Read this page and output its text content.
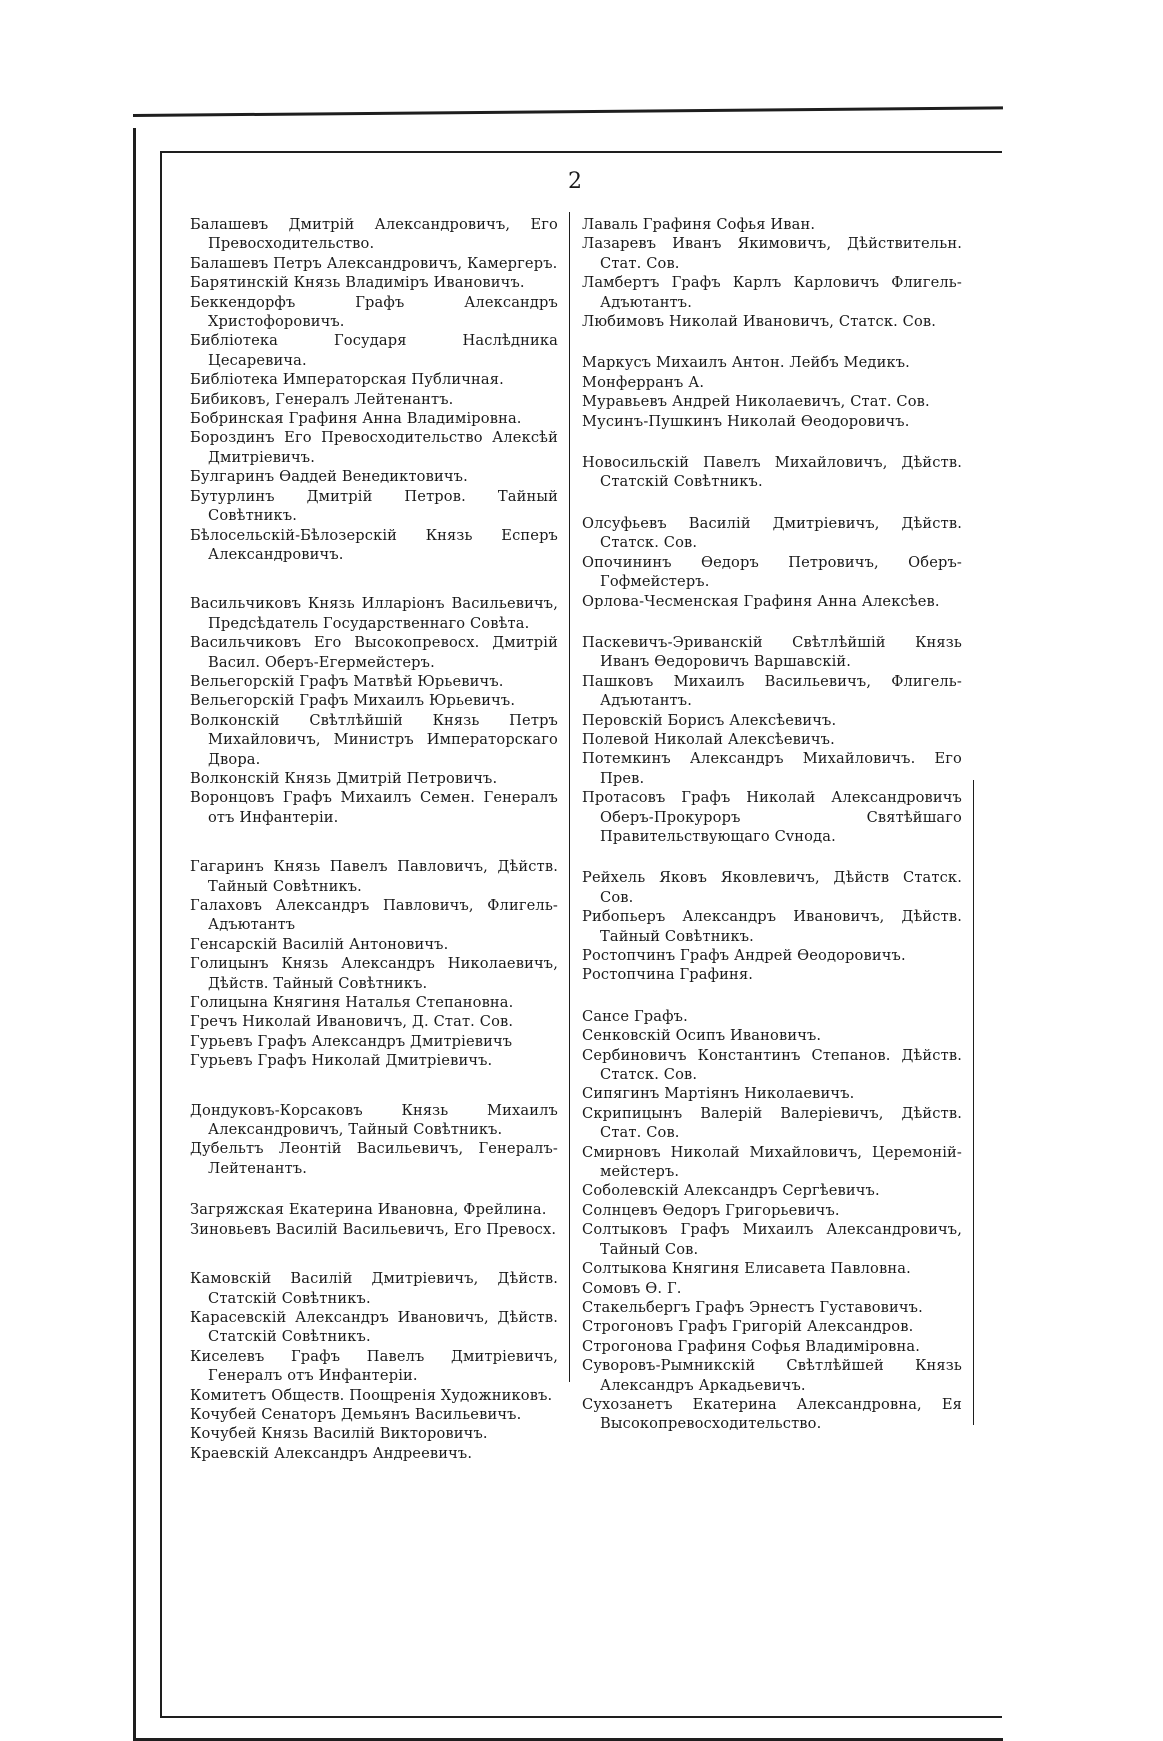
2
Балашевъ Дмитрій Александровичъ, Его Превосходительство.
Балашевъ Петръ Александровичъ, Камергеръ.
Барятинскій Князь Владиміръ Ивановичъ.
Беккендорфъ Графъ Александръ Христофоровичъ.
Библіотека Государя Наслѣдника Цесаревича.
Библіотека Императорская Публичная.
Бибиковъ, Генералъ Лейтенантъ.
Бобринская Графиня Анна Владиміровна.
Бороздинъ Его Превосходительство Алексѣй Дмитріевичъ.
Булгаринъ Өаддей Венедиктовичъ.
Бутурлинъ Дмитрій Петров. Тайный Совѣтникъ.
Бѣлосельскій-Бѣлозерскій Князь Есперъ Александровичъ.
Васильчиковъ Князь Илларіонъ Васильевичъ, Предсѣдатель Государственнаго Совѣта.
Васильчиковъ Его Высокопревосх. Дмитрій Васил. Оберъ-Егермейстеръ.
Вельегорскій Графъ Матвѣй Юрьевичъ.
Вельегорскій Графъ Михаилъ Юрьевичъ.
Волконскій Свѣтлѣйшій Князь Петръ Михайловичъ, Министръ Императорскаго Двора.
Волконскій Князь Дмитрій Петровичъ.
Воронцовъ Графъ Михаилъ Семен. Генералъ отъ Инфантеріи.
Гагаринъ Князь Павелъ Павловичъ, Дѣйств. Тайный Совѣтникъ.
Галаховъ Александръ Павловичъ, Флигель-Адъютантъ
Генсарскій Василій Антоновичъ.
Голицынъ Князь Александръ Николаевичъ, Дѣйств. Тайный Совѣтникъ.
Голицына Княгиня Наталья Степановна.
Гречъ Николай Ивановичъ, Д. Стат. Сов.
Гурьевъ Графъ Александръ Дмитріевичъ
Гурьевъ Графъ Николай Дмитріевичъ.
Дондуковъ-Корсаковъ Князь Михаилъ Александровичъ, Тайный Совѣтникъ.
Дубельтъ Леонтій Васильевичъ, Генералъ-Лейтенантъ.
Загряжская Екатерина Ивановна, Фрейлина.
Зиновьевъ Василій Васильевичъ, Его Превосх.
Камовскій Василій Дмитріевичъ, Дѣйств. Статскій Совѣтникъ.
Карасевскій Александръ Ивановичъ, Дѣйств. Статскій Совѣтникъ.
Киселевъ Графъ Павелъ Дмитріевичъ, Генералъ отъ Инфантеріи.
Комитетъ Обществ. Поощренія Художниковъ.
Кочубей Сенаторъ Демьянъ Васильевичъ.
Кочубей Князь Василій Викторовичъ.
Краевскій Александръ Андреевичъ.
Лаваль Графиня Софья Иван.
Лазаревъ Иванъ Якимовичъ, Дѣйствительн. Стат. Сов.
Ламбертъ Графъ Карлъ Карловичъ Флигель-Адъютантъ.
Любимовъ Николай Ивановичъ, Статск. Сов.
Маркусъ Михаилъ Антон. Лейбъ Медикъ.
Монферранъ А.
Муравьевъ Андрей Николаевичъ, Стат. Сов.
Мусинъ-Пушкинъ Николай Өеодоровичъ.
Новосильскій Павелъ Михайловичъ, Дѣйств. Статскій Совѣтникъ.
Олсуфьевъ Василій Дмитріевичъ, Дѣйств. Статск. Сов.
Опочининъ Өедоръ Петровичъ, Оберъ-Гофмейстеръ.
Орлова-Чесменская Графиня Анна Алексѣев.
Паскевичъ-Эриванскій Свѣтлѣйшій Князь Иванъ Өедоровичъ Варшавскій.
Пашковъ Михаилъ Васильевичъ, Флигель-Адъютантъ.
Перовскій Борисъ Алексѣевичъ.
Полевой Николай Алексѣевичъ.
Потемкинъ Александръ Михайловичъ. Его Прев.
Протасовъ Графъ Николай Александровичъ Оберъ-Прокуроръ Святѣйшаго Правительствующаго Сvнода.
Рейхель Яковъ Яковлевичъ, Дѣйств Статск. Сов.
Рибопьеръ Александръ Ивановичъ, Дѣйств. Тайный Совѣтникъ.
Ростопчинъ Графъ Андрей Өеодоровичъ.
Ростопчина Графиня.
Сансе Графъ.
Сенковскій Осипъ Ивановичъ.
Сербиновичъ Константинъ Степанов. Дѣйств. Статск. Сов.
Сипягинъ Мартіянъ Николаевичъ.
Скрипицынъ Валерій Валеріевичъ, Дѣйств. Стат. Сов.
Смирновъ Николай Михайловичъ, Церемоній-мейстеръ.
Соболевскій Александръ Сергѣевичъ.
Солнцевъ Өедоръ Григорьевичъ.
Солтыковъ Графъ Михаилъ Александровичъ, Тайный Сов.
Солтыкова Княгиня Елисавета Павловна.
Сомовъ Ө. Г.
Стакельбергъ Графъ Эрнестъ Густавовичъ.
Строгоновъ Графъ Григорій Александров.
Строгонова Графиня Софья Владиміровна.
Суворовъ-Рымникскій Свѣтлѣйшей Князь Александръ Аркадьевичъ.
Сухозанетъ Екатерина Александровна, Ея Высокопревосходительство.
